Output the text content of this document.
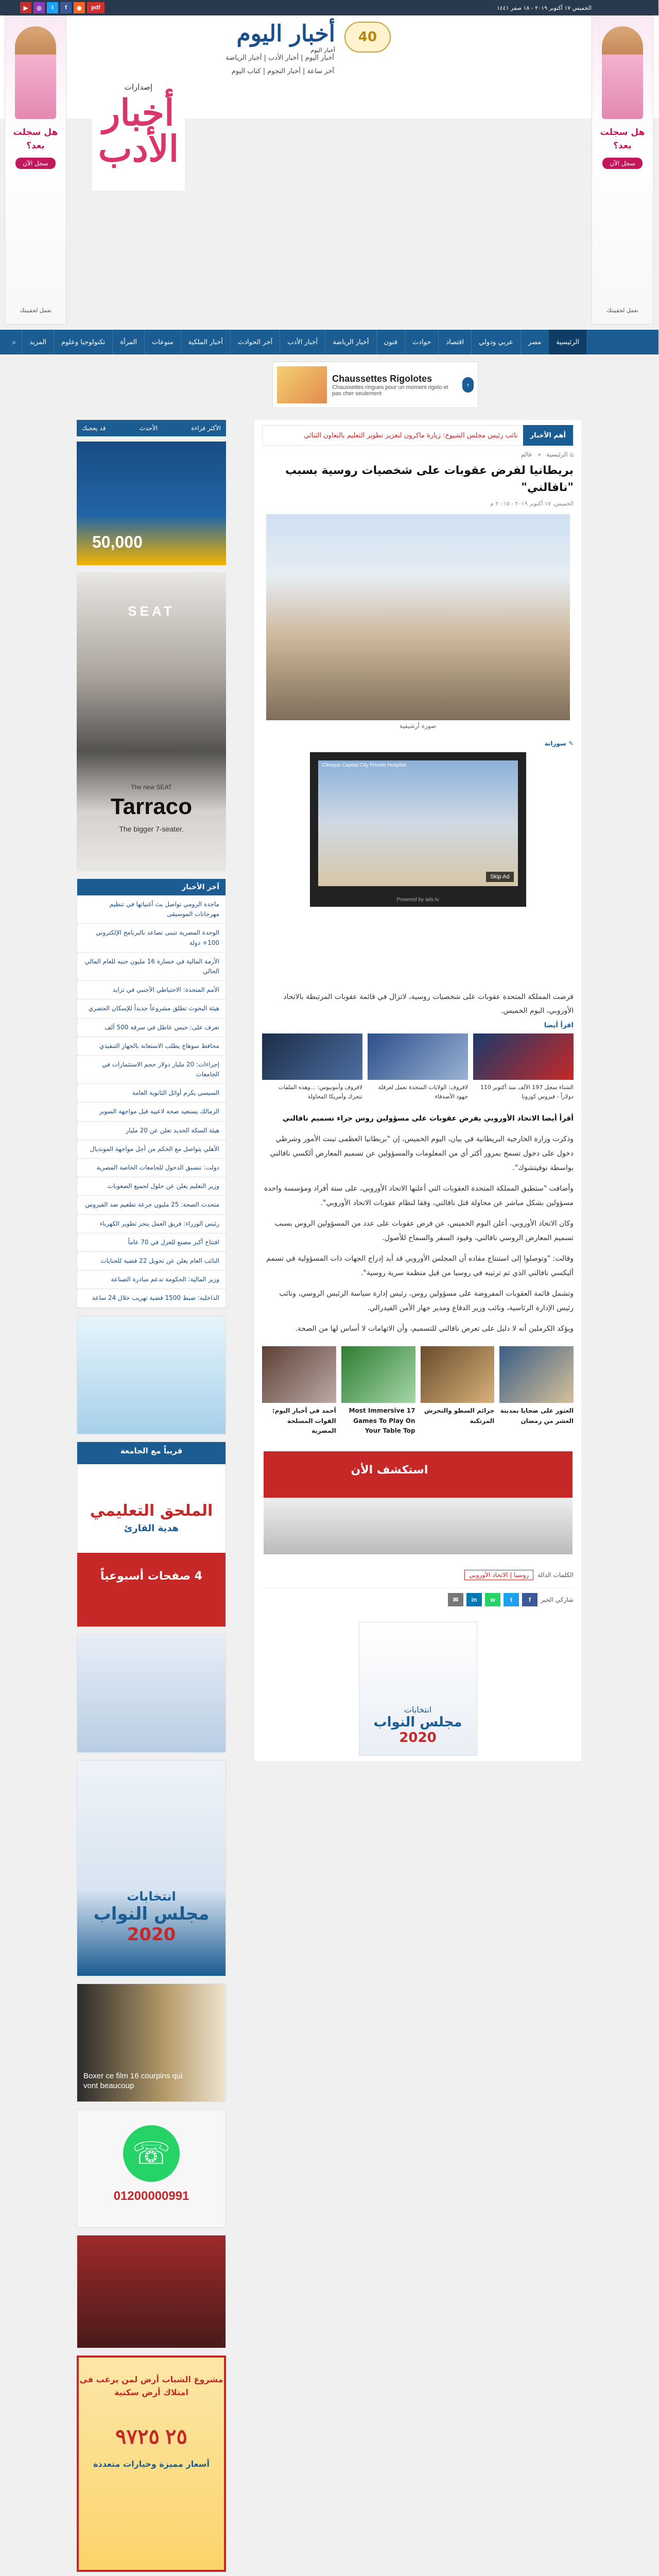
الخميس ١٧ أكتوبر ٢٠١٩ - ١٨ صفر ١٤٤١
▶	◎	t	f	◉	pdf
40
أخبار اليوم
أخبار اليوم
أخبار اليوم | أخبار الأدب | أخبار الرياضة
آخر ساعة | أخبار النجوم | كتاب اليوم
إصدارات
أخبار الأدب
هل سجلت بعد؟
سجل الآن
نعمل لحقيبتك
هل سجلت بعد؟
سجل الآن
نعمل لحقيبتك
الرئيسية
مصر
عربي ودولي
اقتصاد
حوادث
فنون
أخبار الرياضة
أخبار الأدب
آخر الحوادث
أخبار الملكية
منوعات
المرأة
تكنولوجيا وعلوم
المزيد
⌕
Chaussettes Rigolotes
Chaussettes ringues pour un moment rigolo et pas cher seulement
›
أهم الأخبار
نائب رئيس مجلس الشيوخ: زيارة ماكرون لتعزيز تطوير التعليم بالتعاون الثنائي
⌂ الرئيسية « عالم
بريطانيا لفرض عقوبات على شخصيات روسية بسبب "نافالني"
الخميس، ١٧ أكتوبر ٢٠١٩ - ٢٠:١٥ م
صورة أرشيفية
✎ سوزانة
Clinique Capital City Private Hospital
Skip Ad
Powered by ads.tv

فرضت المملكة المتحدة عقوبات على شخصيات روسية، لاتزال في قائمة عقوبات المرتبطة بالاتحاد الأوروبي، اليوم الخميس.

اقرأ أيضا
الشتاء سجل 197 الألف منذ أكتوبر 110 دولاراً - فيروس كورونا
لافروف: الولايات المتحدة تعمل لعرقلة جهود الأصدقاء
لافروف وأنتونيوس: ...وهذه الملفات تتحرك وأمريكا المحاولة

أقرأ أيضا الاتحاد الأوروبي يفرض عقوبات على مسؤولين روس جراء تسميم نافالني

وذكرت وزارة الخارجية البريطانية في بيان، اليوم الخميس، إن "بريطانيا العظمى تبنت الأمور وشرطي دخول على دخول تسمح بمرور أكثر أي من المعلومات والمسؤولين عن تسميم المعارض ألكسي نافالني بواسطة نوفيتشوك".

وأضافت "ستطبق المملكة المتحدة العقوبات التي أعلنها الاتحاد الأوروبي، على ستة أفراد ومؤسسة واحدة مسؤولين بشكل مباشر عن محاولة قتل نافالني، وفقا لنظام عقوبات الاتحاد الأوروبي".

وكان الاتحاد الأوروبي، أعلن اليوم الخميس، عن فرض عقوبات على عدد من المسؤولين الروس بسبب تسميم المعارض الروسي نافالني، وقيود السفر والسماح للأصول.

وقالت: "وتوصلوا إلى استنتاج مفاده أن المجلس الأوروبي قد أيد إدراج الجهات ذات المسؤولية في تسمم أليكسي نافالني الذي تم ترتيبه في روسيا من قبل منظمة سرية روسية".

وتشمل قائمة العقوبات المفروضة على مسؤولين روس، رئيس إدارة سياسة الرئيس الروسي، ونائب رئيس الإدارة الرئاسية، ونائب وزير الدفاع ومدير جهاز الأمن الفيدرالي.

ويؤكد الكرملين أنه لا دليل على تعرض نافالني للتسميم، وأن الاتهامات لا أساس لها من الصحة.

العثور على ضحايا بمدينة العشر من رمضان
جرائم السطو والتحرش المرتكبة
17 Most Immersive Games To Play On Your Table Top
أحمد في أخبار اليوم: القوات المسلحة المصرية
استكشف الأن
الكلمات الدالة
روسيا | الاتحاد الأوروبي
شاركي الخبر
f
t
w
in
✉
انتخابات
مجلس النواب
2020
الأكثر قراءة
الأحدث
قد يعجبك
50,000
SEAT
The new SEAT
Tarraco
The bigger 7-seater.
آخر الأخبار
ماجدة الرومي تواصل بث أغنياتها في تنظيم مهرجانات الموسيقى
الوحدة المصرية تتبنى تصاعد بالبرنامج الإلكتروني 100+ دولة
الأزمة المالية في خسارة 16 مليون جنيه للعام المالي الحالي
الأمم المتحدة: الاحتياطي الأجنبي في تزايد
هيئة البحوث تطلق مشروعاً جديداً للإسكان الحضري
تعرف على: حبس عاطل في سرقة 500 ألف
محافظ سوهاج يطلب الاستعانة بالجهاز التنفيذي
إجراءات: 20 مليار دولار حجم الاستثمارات في الجامعات
السيسي يكرم أوائل الثانوية العامة
الزمالك يستعيد صحة لاعبيه قبل مواجهة السوبر
هيئة السكة الحديد تعلن عن 20 مليار
الأهلي يتواصل مع الحكم من أجل مواجهة المونديال
دولت: تنسيق الدخول للجامعات الخاصة المصرية
وزير التعليم يعلن عن حلول لجميع الصعوبات
متحدث الصحة: 25 مليون جرعة تطعيم ضد الفيروس
رئيس الوزراء: فريق العمل ينجز تطوير الكهرباء
افتتاح أكبر مصنع للغزل في 70 عاماً
النائب العام يعلن عن تحويل 22 قضية للجنايات
وزير المالية: الحكومة تدعم مبادرة الصناعة
الداخلية: ضبط 1500 قضية تهريب خلال 24 ساعة
قريباً مع الجامعة
الملحق التعليمي
هدية القارئ
4 صفحات أسبوعياً
انتخابات
مجلس النواب
2020
Boxer ce film 16 courpins qui vont beaucoup
☏
01200000991
مشروع الشباب أرض لمن يرغب في امتلاك أرض سكنية
٢٥ ٩٧٢٥
أسعار مميزة وخيارات متعددة
